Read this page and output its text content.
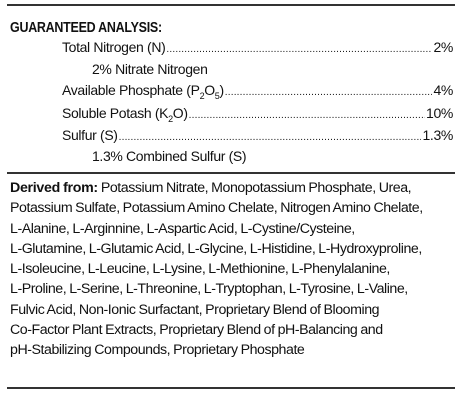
GUARANTEED ANALYSIS:
Total Nitrogen (N) .....	2%
2% Nitrate Nitrogen
Available Phosphate $(P_2O_5)$ .....	4%
Soluble Potash $(K_2O)$ .....	10%
Sulfur (S) .....	1.3%
1.3% Combined Sulfur (S)
Derived from: Potassium Nitrate, Monopotassium Phosphate, Urea,
Potassium Sulfate, Potassium Amino Chelate, Nitrogen Amino Chelate,
L-Alanine, L-Arginnine, L-Aspartic Acid, L-Cystine/Cysteine,
L-Glutamine, L-Glutamic Acid, L-Glycine, L-Histidine, L-Hydroxyproline,
L-Isoleucine, L-Leucine, L-Lysine, L-Methionine, L-Phenylalanine,
L-Proline, L-Serine, L-Threonine, L-Tryptophan, L-Tyrosine, L-Valine,
Fulvic Acid, Non-Ionic Surfactant, Proprietary Blend of Blooming
Co-Factor Plant Extracts, Proprietary Blend of pH-Balancing and
pH-Stabilizing Compounds, Proprietary Phosphate
